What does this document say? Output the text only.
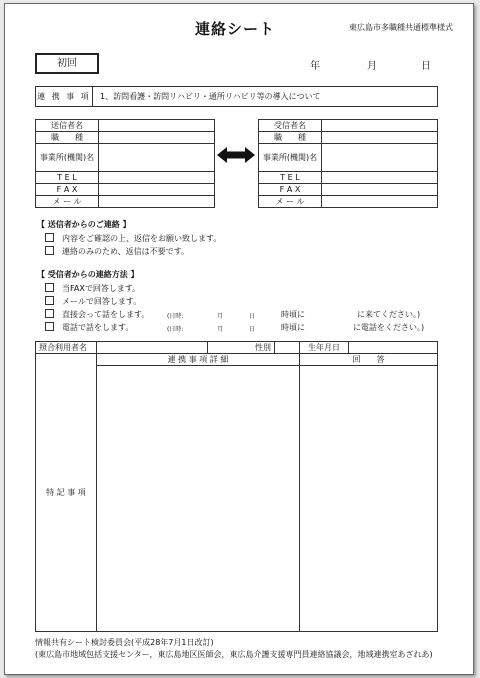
連絡シート	東広島市多職種共通標準様式
初回	年	月	日
連 携 事 項 1、訪問看護・訪問リハビリ・通所リハビリ等の導入について
送信者名	
職　　種	
事業所(機関)名	
T E L	
F A X	
メ ー ル	
受信者名	
職　　種	
事業所(機関)名	
T E L	
F A X	
メ ー ル	
【 送信者からのご連絡 】
内容をご確認の上、返信をお願い致します。
連絡のみのため、返信は不要です。
【 受信者からの連絡方法 】
当FAXで回答します。
メールで回答します。
直接会って話をします。
電話で話をします。
(日時:	月	日	時頃に	に来てください。)
(日時:	月	日	時頃に	に電話をください。)
照合利用者名		性別		生年月日	
特 記 事 項	連 携 事 項 詳 細			回　　答	

情報共有シート検討委員会(平成28年7月1日改訂)
(東広島市地域包括支援センター，東広島地区医師会，東広島介護支援専門員連絡協議会，地域連携室あざれあ)
